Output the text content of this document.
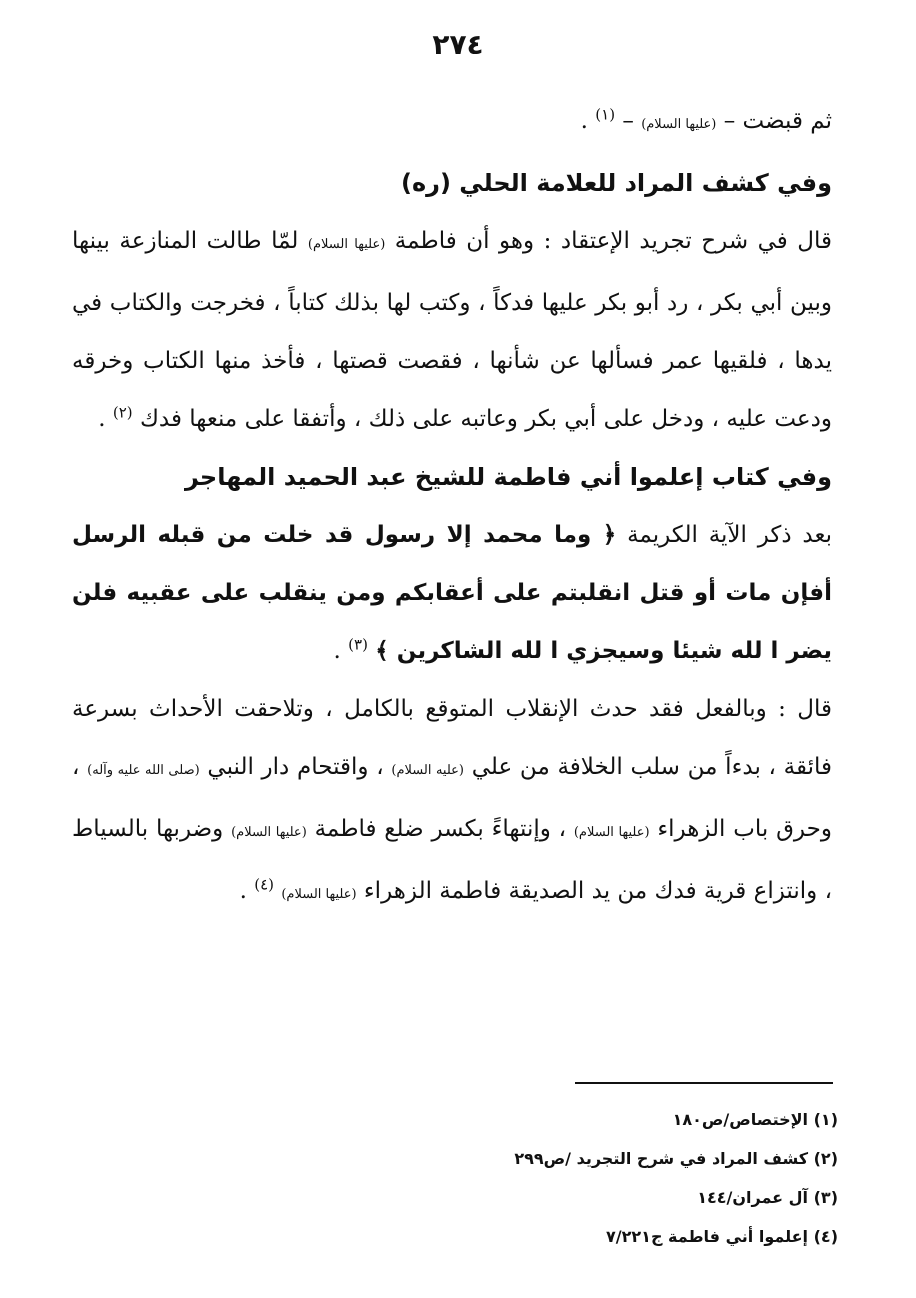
٢٧٤

ثم قبضت – (عليها السلام) – $^{(١)}$ .

وفي كشف المراد للعلامة الحلي (ره)

قال في شرح تجريد الإعتقاد : وهو أن فاطمة (عليها السلام) لمّا طالت المنازعة بينها وبين أبي بكر ، رد أبو بكر عليها فدكاً ، وكتب لها بذلك كتاباً ، فخرجت والكتاب في يدها ، فلقيها عمر فسألها عن شأنها ، فقصت قصتها ، فأخذ منها الكتاب وخرقه ودعت عليه ، ودخل على أبي بكر وعاتبه على ذلك ، وأتفقا على منعها فدك $^{(٢)}$ .

وفي كتاب إعلموا أني فاطمة للشيخ عبد الحميد المهاجر

بعد ذكر الآية الكريمة ﴿ وما محمد إلا رسول قد خلت من قبله الرسل أفإن مات أو قتل انقلبتم على أعقابكم ومن ينقلب على عقبيه فلن يضر ا لله شيئا وسيجزي ا لله الشاكرين ﴾ $^{(٣)}$ .

قال : وبالفعل فقد حدث الإنقلاب المتوقع بالكامل ، وتلاحقت الأحداث بسرعة فائقة ، بدءاً من سلب الخلافة من علي (عليه السلام) ، واقتحام دار النبي (صلى الله عليه وآله) ، وحرق باب الزهراء (عليها السلام) ، وإنتهاءً بكسر ضلع فاطمة (عليها السلام) وضربها بالسياط ، وانتزاع قرية فدك من يد الصديقة فاطمة الزهراء (عليها السلام) $^{(٤)}$ .

(١) الإختصاص/ص١٨٠

(٢) كشف المراد في شرح التجريد /ص٢٩٩

(٣) آل عمران/١٤٤

(٤) إعلموا أني فاطمة ج٧/٢٢١
